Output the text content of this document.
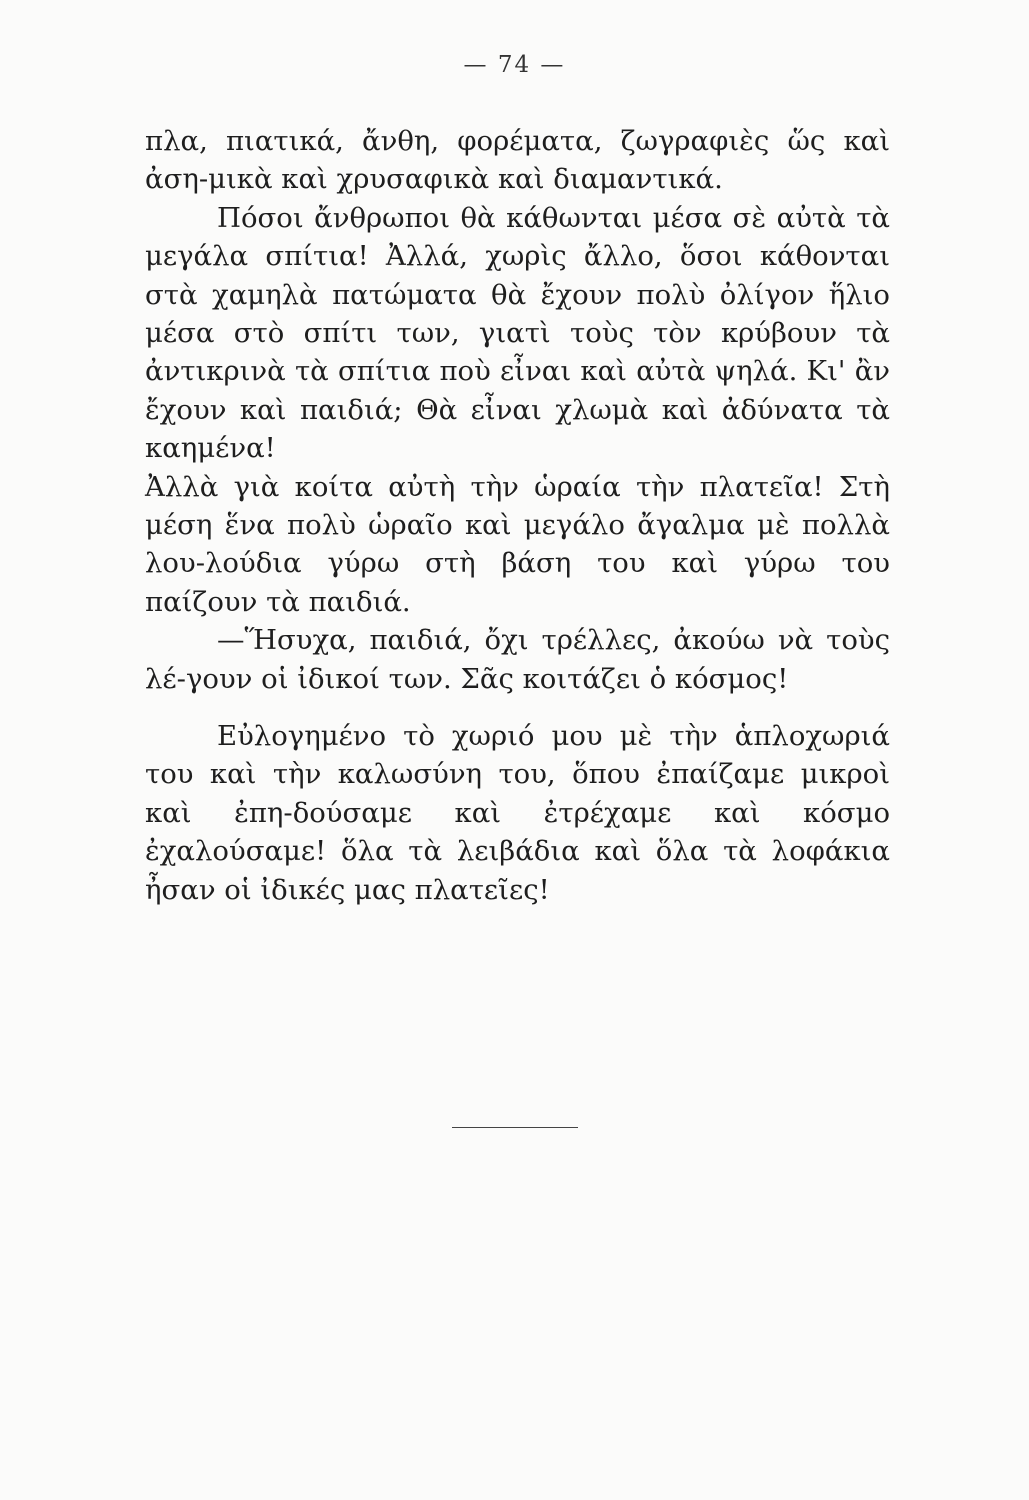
— 74 —

πλα, πιατικά, ἄνθη, φορέματα, ζωγραφιὲς ὥς καὶ ἀση-μικὰ καὶ χρυσαφικὰ καὶ διαμαντικά.

Πόσοι ἄνθρωποι θὰ κάθωνται μέσα σὲ αὐτὰ τὰ μεγάλα σπίτια! Ἀλλά, χωρὶς ἄλλο, ὅσοι κάθονται στὰ χαμηλὰ πατώματα θὰ ἔχουν πολὺ ὀλίγον ἥλιο μέσα στὸ σπίτι των, γιατὶ τοὺς τὸν κρύβουν τὰ ἀντικρινὰ τὰ σπίτια ποὺ εἶναι καὶ αὐτὰ ψηλά. Κι' ἂν ἔχουν καὶ παιδιά; Θὰ εἶναι χλωμὰ καὶ ἀδύνατα τὰ καημένα!

Ἀλλὰ γιὰ κοίτα αὐτὴ τὴν ὡραία τὴν πλατεῖα! Στὴ μέση ἕνα πολὺ ὡραῖο καὶ μεγάλο ἄγαλμα μὲ πολλὰ λου-λούδια γύρω στὴ βάση του καὶ γύρω του παίζουν τὰ παιδιά.

—Ἥσυχα, παιδιά, ὄχι τρέλλες, ἀκούω νὰ τοὺς λέ-γουν οἱ ἰδικοί των. Σᾶς κοιτάζει ὁ κόσμος!

Εὐλογημένο τὸ χωριό μου μὲ τὴν ἁπλοχωριά του καὶ τὴν καλωσύνη του, ὅπου ἐπαίζαμε μικροὶ καὶ ἐπη-δούσαμε καὶ ἐτρέχαμε καὶ κόσμο ἐχαλούσαμε! ὅλα τὰ λειβάδια καὶ ὅλα τὰ λοφάκια ἦσαν οἱ ἰδικές μας πλατεῖες!
